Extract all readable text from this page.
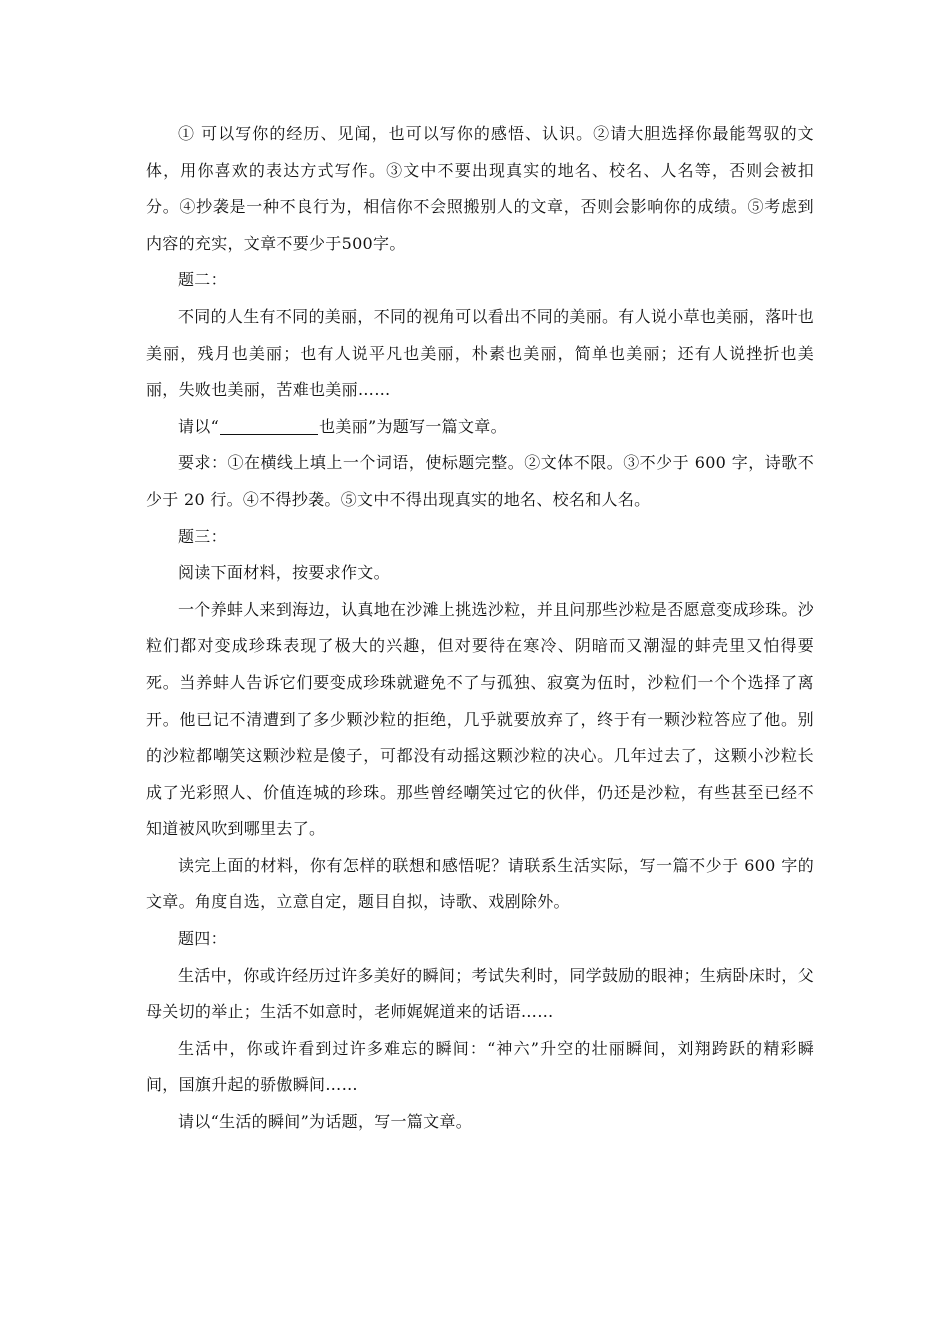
① 可以写你的经历、见闻，也可以写你的感悟、认识。②请大胆选择你最能驾驭的文体，用你喜欢的表达方式写作。③文中不要出现真实的地名、校名、人名等，否则会被扣分。④抄袭是一种不良行为，相信你不会照搬别人的文章，否则会影响你的成绩。⑤考虑到内容的充实，文章不要少于500字。

题二：

不同的人生有不同的美丽，不同的视角可以看出不同的美丽。有人说小草也美丽，落叶也美丽，残月也美丽；也有人说平凡也美丽，朴素也美丽，简单也美丽；还有人说挫折也美丽，失败也美丽，苦难也美丽……

请以“	也美丽”为题写一篇文章。

要求：①在横线上填上一个词语，使标题完整。②文体不限。③不少于 600 字，诗歌不少于 20 行。④不得抄袭。⑤文中不得出现真实的地名、校名和人名。

题三：

阅读下面材料，按要求作文。

一个养蚌人来到海边，认真地在沙滩上挑选沙粒，并且问那些沙粒是否愿意变成珍珠。沙粒们都对变成珍珠表现了极大的兴趣，但对要待在寒冷、阴暗而又潮湿的蚌壳里又怕得要死。当养蚌人告诉它们要变成珍珠就避免不了与孤独、寂寞为伍时，沙粒们一个个选择了离开。他已记不清遭到了多少颗沙粒的拒绝，几乎就要放弃了，终于有一颗沙粒答应了他。别的沙粒都嘲笑这颗沙粒是傻子，可都没有动摇这颗沙粒的决心。几年过去了，这颗小沙粒长成了光彩照人、价值连城的珍珠。那些曾经嘲笑过它的伙伴，仍还是沙粒，有些甚至已经不知道被风吹到哪里去了。

读完上面的材料，你有怎样的联想和感悟呢？请联系生活实际，写一篇不少于 600 字的文章。角度自选，立意自定，题目自拟，诗歌、戏剧除外。

题四：

生活中，你或许经历过许多美好的瞬间；考试失利时，同学鼓励的眼神；生病卧床时，父母关切的举止；生活不如意时，老师娓娓道来的话语……

生活中，你或许看到过许多难忘的瞬间：“神六”升空的壮丽瞬间，刘翔跨跃的精彩瞬间，国旗升起的骄傲瞬间……

请以“生活的瞬间”为话题，写一篇文章。
